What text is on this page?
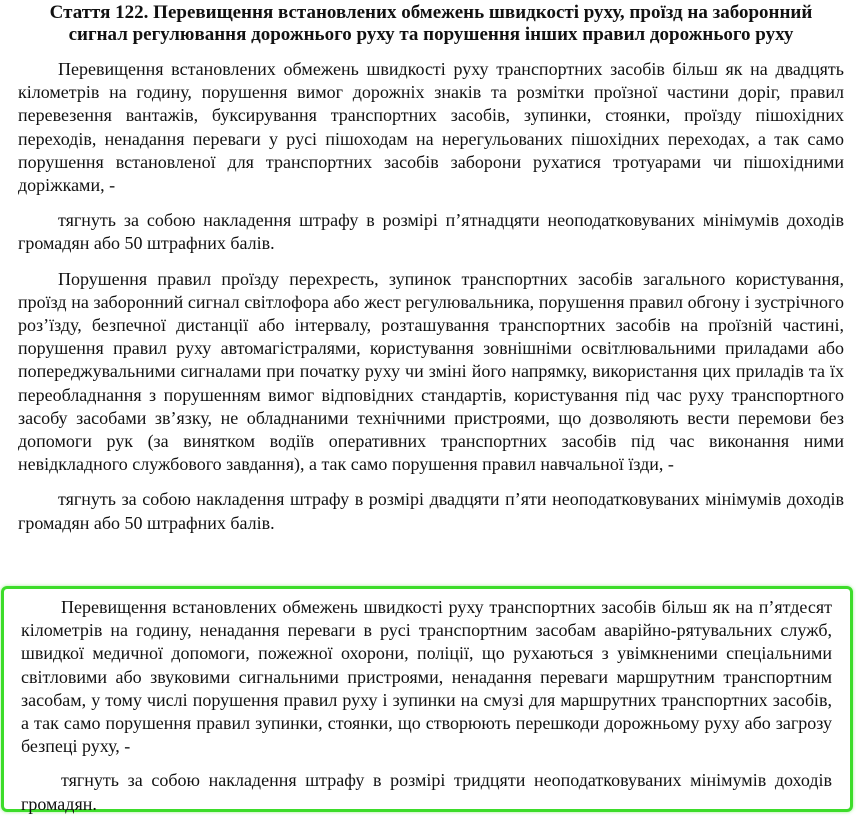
Стаття 122. Перевищення встановлених обмежень швидкості руху, проїзд на заборонний сигнал регулювання дорожнього руху та порушення інших правил дорожнього руху

Перевищення встановлених обмежень швидкості руху транспортних засобів більш як на двадцять кілометрів на годину, порушення вимог дорожніх знаків та розмітки проїзної частини доріг, правил перевезення вантажів, буксирування транспортних засобів, зупинки, стоянки, проїзду пішохідних переходів, ненадання переваги у русі пішоходам на нерегульованих пішохідних переходах, а так само порушення встановленої для транспортних засобів заборони рухатися тротуарами чи пішохідними доріжками, -

тягнуть за собою накладення штрафу в розмірі п’ятнадцяти неоподатковуваних мінімумів доходів громадян або 50 штрафних балів.

Порушення правил проїзду перехресть, зупинок транспортних засобів загального користування, проїзд на заборонний сигнал світлофора або жест регулювальника, порушення правил обгону і зустрічного роз’їзду, безпечної дистанції або інтервалу, розташування транспортних засобів на проїзній частині, порушення правил руху автомагістралями, користування зовнішніми освітлювальними приладами або попереджувальними сигналами при початку руху чи зміні його напрямку, використання цих приладів та їх переобладнання з порушенням вимог відповідних стандартів, користування під час руху транспортного засобу засобами зв’язку, не обладнаними технічними пристроями, що дозволяють вести перемови без допомоги рук (за винятком водіїв оперативних транспортних засобів під час виконання ними невідкладного службового завдання), а так само порушення правил навчальної їзди, -

тягнуть за собою накладення штрафу в розмірі двадцяти п’яти неоподатковуваних мінімумів доходів громадян або 50 штрафних балів.

Перевищення встановлених обмежень швидкості руху транспортних засобів більш як на п’ятдесят кілометрів на годину, ненадання переваги в русі транспортним засобам аварійно-рятувальних служб, швидкої медичної допомоги, пожежної охорони, поліції, що рухаються з увімкненими спеціальними світловими або звуковими сигнальними пристроями, ненадання переваги маршрутним транспортним засобам, у тому числі порушення правил руху і зупинки на смузі для маршрутних транспортних засобів, а так само порушення правил зупинки, стоянки, що створюють перешкоди дорожньому руху або загрозу безпеці руху, -

тягнуть за собою накладення штрафу в розмірі тридцяти неоподатковуваних мінімумів доходів громадян.
